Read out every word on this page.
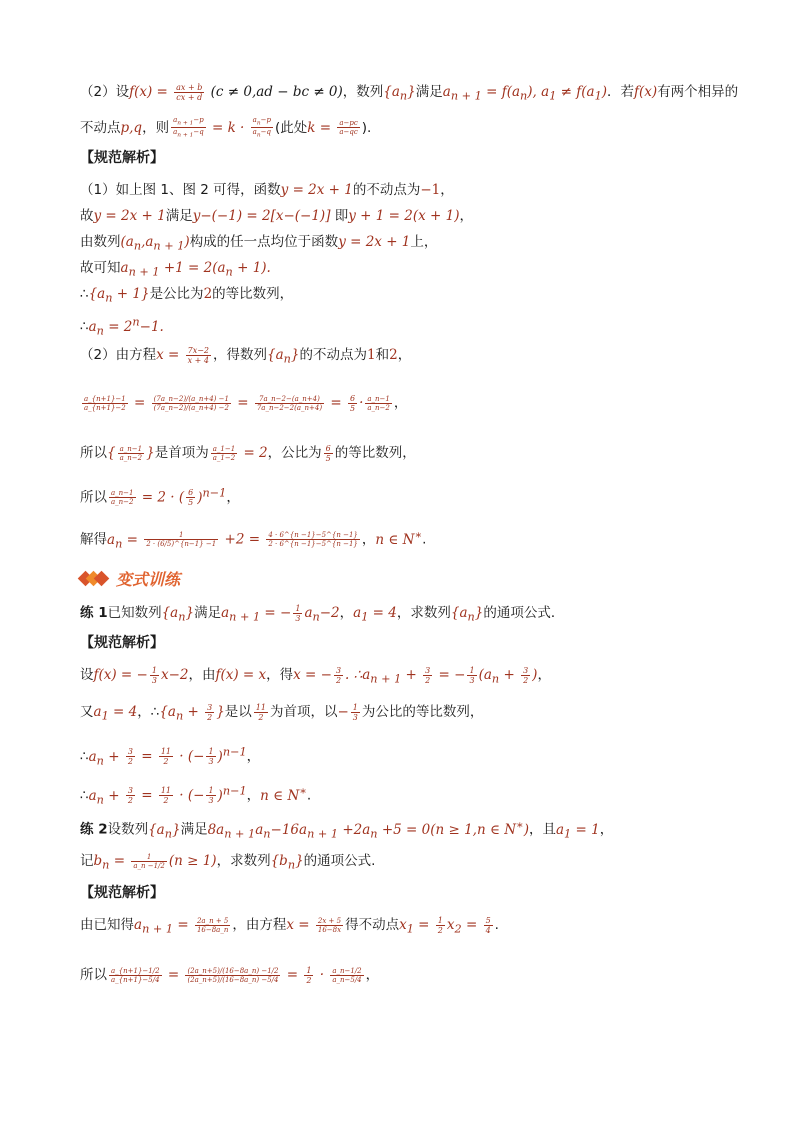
（2）设$f(x) = \frac{ax + b}{cx + d} (c \ne 0,ad$ − bc ≠ 0)，数列$\{a_n\}$满足$a_{n + 1} = f(a_n)$, $a_1 \ne f(a_1)$．若f(x)有两个相异的
不动点p,q，则 $\frac{a_{n + 1}-p}{a_{n + 1}-q} = k \cdot \frac{a_n-p}{a_n-q}$ (此处$k = \frac{a-pc}{a-qc}$ ).
【规范解析】
（1）如上图 1、图 2 可得，函数y = 2x + 1的不动点为−1，
故y = 2x + 1满足y−(−1) = 2[x−(−1)] 即y + 1 = 2(x + 1)，
由数列$(a_n,a_{n + 1})$构成的任一点均位于函数y = 2x + 1上，
故可知$a_{n + 1} +1 = 2(a_n + 1)$.
$\therefore\{a_n + 1\}$是公比为2的等比数列，
$\therefore a_n = 2^n-1$.
（2）由方程$x = \frac{7x-2}{x + 4}$ ，得数列$\{a_n\}$的不动点为1和2，
$\frac{a\_\{n+1\}-1}{a\_\{n+1\}-2} = \frac{(7a\_n-2)/(a\_n+4) -1}{(7a\_n-2)/(a\_n+4) -2} = \frac{7a\_n-2-(a\_n+4)}{7a\_n-2-2(a\_n+4)} = \frac{6}{5} \cdot \frac{a\_n-1}{a\_n-2}$ ，
所以{ $\frac{a\_n-1}{a\_n-2}$ }是首项为 $\frac{a\_1-1}{a\_1-2} = 2$，公比为 $\frac{6}{5}$ 的等比数列，
所以 $\frac{a\_n-1}{a\_n-2} = 2$ · ( $\frac{6}{5} )^{n-1}$，
解得$a_n = \frac{1}{2 \cdot (6/5)\^{}\{n-1\} -1} +2 = \frac{4 \cdot 6\^{}\{n -1\}-5\^{}\{n -1\}}{2 \cdot 6\^{}\{n -1\}-5\^{}\{n -1\}}$ ，n ∈ N∗.
变式训练
练 1已知数列$\{a_n\}$满足$a_{n + 1}$ = − $\frac{1}{3} a_n-2$，$a_1 = 4$，求数列$\{a_n\}$的通项公式．
【规范解析】
设f(x) = − $\frac{1}{3} x-2$，由f(x) = x，得x = − $\frac{3}{2}$ . $\therefore a_{n + 1} + \frac{3}{2}$ = − $\frac{1}{3} (a_n + \frac{3}{2}$ )，
又$a_1 = 4$，$\therefore\{a_n + \frac{3}{2}$ }是以 $\frac{11}{2}$ 为首项，以− $\frac{1}{3}$ 为公比的等比数列，
$\therefore a_n + \frac{3}{2} = \frac{11}{2}$ · (− $\frac{1}{3} )^{n-1}$，
$\therefore a_n + \frac{3}{2} = \frac{11}{2}$ · (− $\frac{1}{3} )^{n-1}$，n ∈ N∗.
练 2设数列$\{a_n\}$满足$8a_{n + 1}a_n-16a_{n + 1} +2a_n +5 = 0(n \ge 1,n$ ∈ N∗)，且$a_1 = 1$，
记$b_n = \frac{1}{a\_n -1/2} (n \ge 1)$，求数列$\{b_n\}$的通项公式.
【规范解析】
由已知得$a_{n + 1} = \frac{2a\_n + 5}{16-8a\_n}$ ，由方程$x = \frac{2x + 5}{16-8x}$ 得不动点$x_1 = \frac{1}{2} x_2 = \frac{5}{4}$ .
所以 $\frac{a\_\{n+1\}-1/2}{a\_\{n+1\}-5/4} = \frac{(2a\_n+5)/(16-8a\_n) -1/2}{(2a\_n+5)/(16-8a\_n) -5/4} = \frac{1}{2} \cdot \frac{a\_n-1/2}{a\_n-5/4}$ ，
